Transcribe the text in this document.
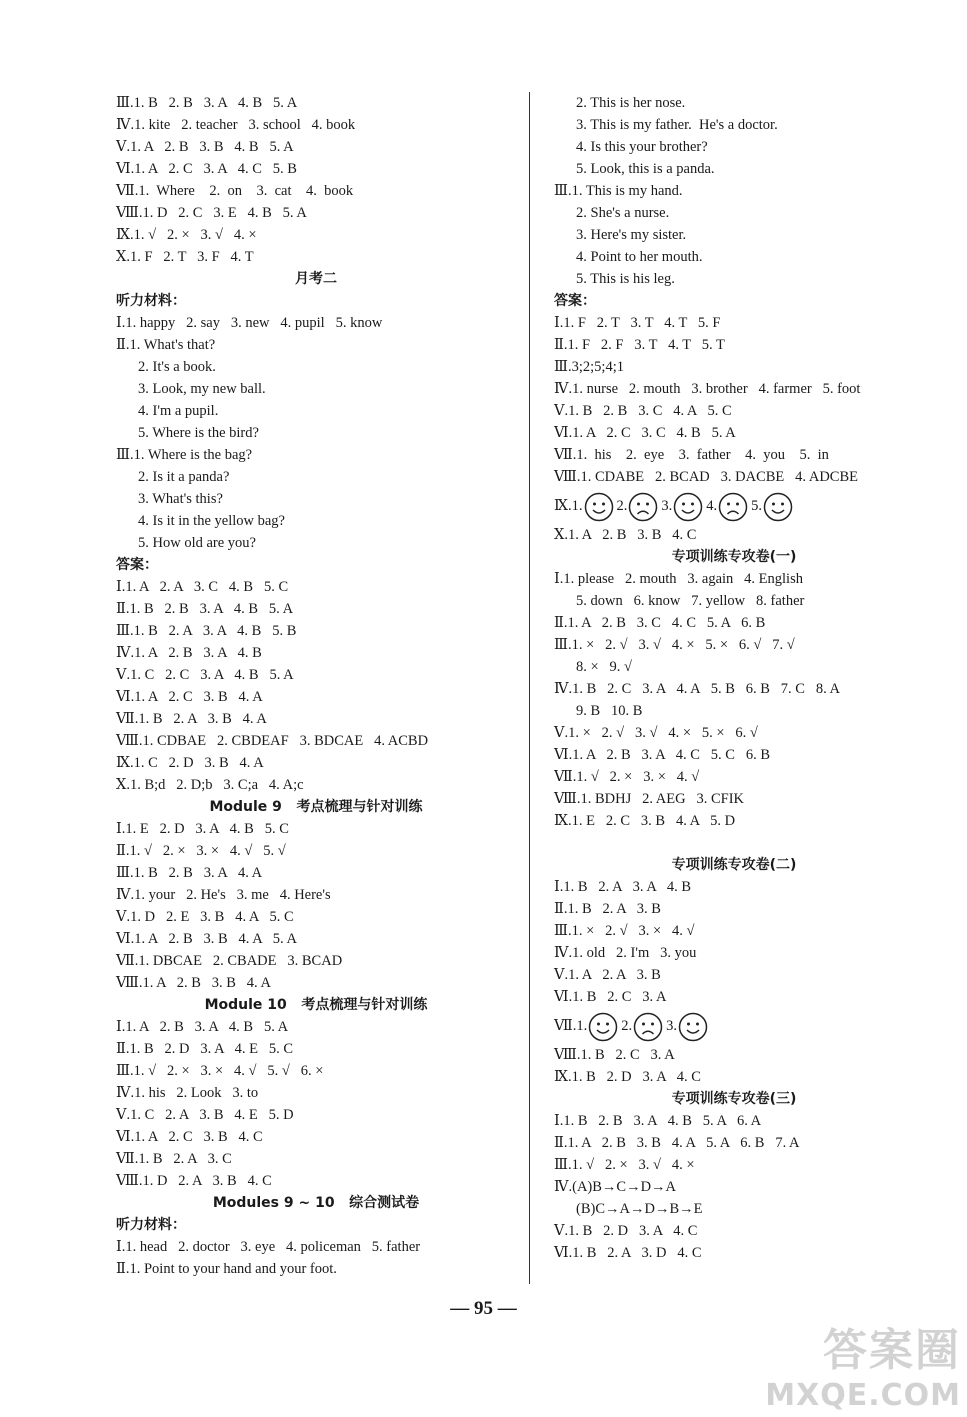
Ⅲ.1. B   2. B   3. A   4. B   5. A
Ⅳ.1. kite   2. teacher   3. school   4. book
Ⅴ.1. A   2. B   3. B   4. B   5. A
Ⅵ.1. A   2. C   3. A   4. C   5. B
Ⅶ.1.  Where    2.  on    3.  cat    4.  book
Ⅷ.1. D   2. C   3. E   4. B   5. A
Ⅸ.1. √   2. ×   3. √   4. ×
Ⅹ.1. F   2. T   3. F   4. T
月考二
听力材料：
Ⅰ.1. happy   2. say   3. new   4. pupil   5. know
Ⅱ.1. What's that?
2. It's a book.
3. Look, my new ball.
4. I'm a pupil.
5. Where is the bird?
Ⅲ.1. Where is the bag?
2. Is it a panda?
3. What's this?
4. Is it in the yellow bag?
5. How old are you?
答案：
Ⅰ.1. A   2. A   3. C   4. B   5. C
Ⅱ.1. B   2. B   3. A   4. B   5. A
Ⅲ.1. B   2. A   3. A   4. B   5. B
Ⅳ.1. A   2. B   3. A   4. B
Ⅴ.1. C   2. C   3. A   4. B   5. A
Ⅵ.1. A   2. C   3. B   4. A
Ⅶ.1. B   2. A   3. B   4. A
Ⅷ.1. CDBAE   2. CBDEAF   3. BDCAE   4. ACBD
Ⅸ.1. C   2. D   3. B   4. A
Ⅹ.1. B;d   2. D;b   3. C;a   4. A;c
Module 9   考点梳理与针对训练
Ⅰ.1. E   2. D   3. A   4. B   5. C
Ⅱ.1. √   2. ×   3. ×   4. √   5. √
Ⅲ.1. B   2. B   3. A   4. A
Ⅳ.1. your   2. He's   3. me   4. Here's
Ⅴ.1. D   2. E   3. B   4. A   5. C
Ⅵ.1. A   2. B   3. B   4. A   5. A
Ⅶ.1. DBCAE   2. CBADE   3. BCAD
Ⅷ.1. A   2. B   3. B   4. A
Module 10   考点梳理与针对训练
Ⅰ.1. A   2. B   3. A   4. B   5. A
Ⅱ.1. B   2. D   3. A   4. E   5. C
Ⅲ.1. √   2. ×   3. ×   4. √   5. √   6. ×
Ⅳ.1. his   2. Look   3. to
Ⅴ.1. C   2. A   3. B   4. E   5. D
Ⅵ.1. A   2. C   3. B   4. C
Ⅶ.1. B   2. A   3. C
Ⅷ.1. D   2. A   3. B   4. C
Modules 9 ~ 10   综合测试卷
听力材料：
Ⅰ.1. head   2. doctor   3. eye   4. policeman   5. father
Ⅱ.1. Point to your hand and your foot.
2. This is her nose.
3. This is my father.  He's a doctor.
4. Is this your brother?
5. Look, this is a panda.
Ⅲ.1. This is my hand.
2. She's a nurse.
3. Here's my sister.
4. Point to her mouth.
5. This is his leg.
答案：
Ⅰ.1. F   2. T   3. T   4. T   5. F
Ⅱ.1. F   2. F   3. T   4. T   5. T
Ⅲ.3;2;5;4;1
Ⅳ.1. nurse   2. mouth   3. brother   4. farmer   5. foot
Ⅴ.1. B   2. B   3. C   4. A   5. C
Ⅵ.1. A   2. C   3. C   4. B   5. A
Ⅶ.1.  his    2.  eye    3.  father    4.  you    5.  in
Ⅷ.1. CDABE   2. BCAD   3. DACBE   4. ADCBE
Ⅸ.1. 2. 3. 4. 5.
Ⅹ.1. A   2. B   3. B   4. C
专项训练专攻卷(一)
Ⅰ.1. please   2. mouth   3. again   4. English
5. down   6. know   7. yellow   8. father
Ⅱ.1. A   2. B   3. C   4. C   5. A   6. B
Ⅲ.1. ×   2. √   3. √   4. ×   5. ×   6. √   7. √
8. ×   9. √
Ⅳ.1. B   2. C   3. A   4. A   5. B   6. B   7. C   8. A
9. B   10. B
Ⅴ.1. ×   2. √   3. √   4. ×   5. ×   6. √
Ⅵ.1. A   2. B   3. A   4. C   5. C   6. B
Ⅶ.1. √   2. ×   3. ×   4. √
Ⅷ.1. BDHJ   2. AEG   3. CFIK
Ⅸ.1. E   2. C   3. B   4. A   5. D
专项训练专攻卷(二)
Ⅰ.1. B   2. A   3. A   4. B
Ⅱ.1. B   2. A   3. B
Ⅲ.1. ×   2. √   3. ×   4. √
Ⅳ.1. old   2. I'm   3. you
Ⅴ.1. A   2. A   3. B
Ⅵ.1. B   2. C   3. A
Ⅶ.1. 2. 3.
Ⅷ.1. B   2. C   3. A
Ⅸ.1. B   2. D   3. A   4. C
专项训练专攻卷(三)
Ⅰ.1. B   2. B   3. A   4. B   5. A   6. A
Ⅱ.1. A   2. B   3. B   4. A   5. A   6. B   7. A
Ⅲ.1. √   2. ×   3. √   4. ×
Ⅳ.(A)B→C→D→A
(B)C→A→D→B→E
Ⅴ.1. B   2. D   3. A   4. C
Ⅵ.1. B   2. A   3. D   4. C
— 95 —
答案圈
MXQE.COM
